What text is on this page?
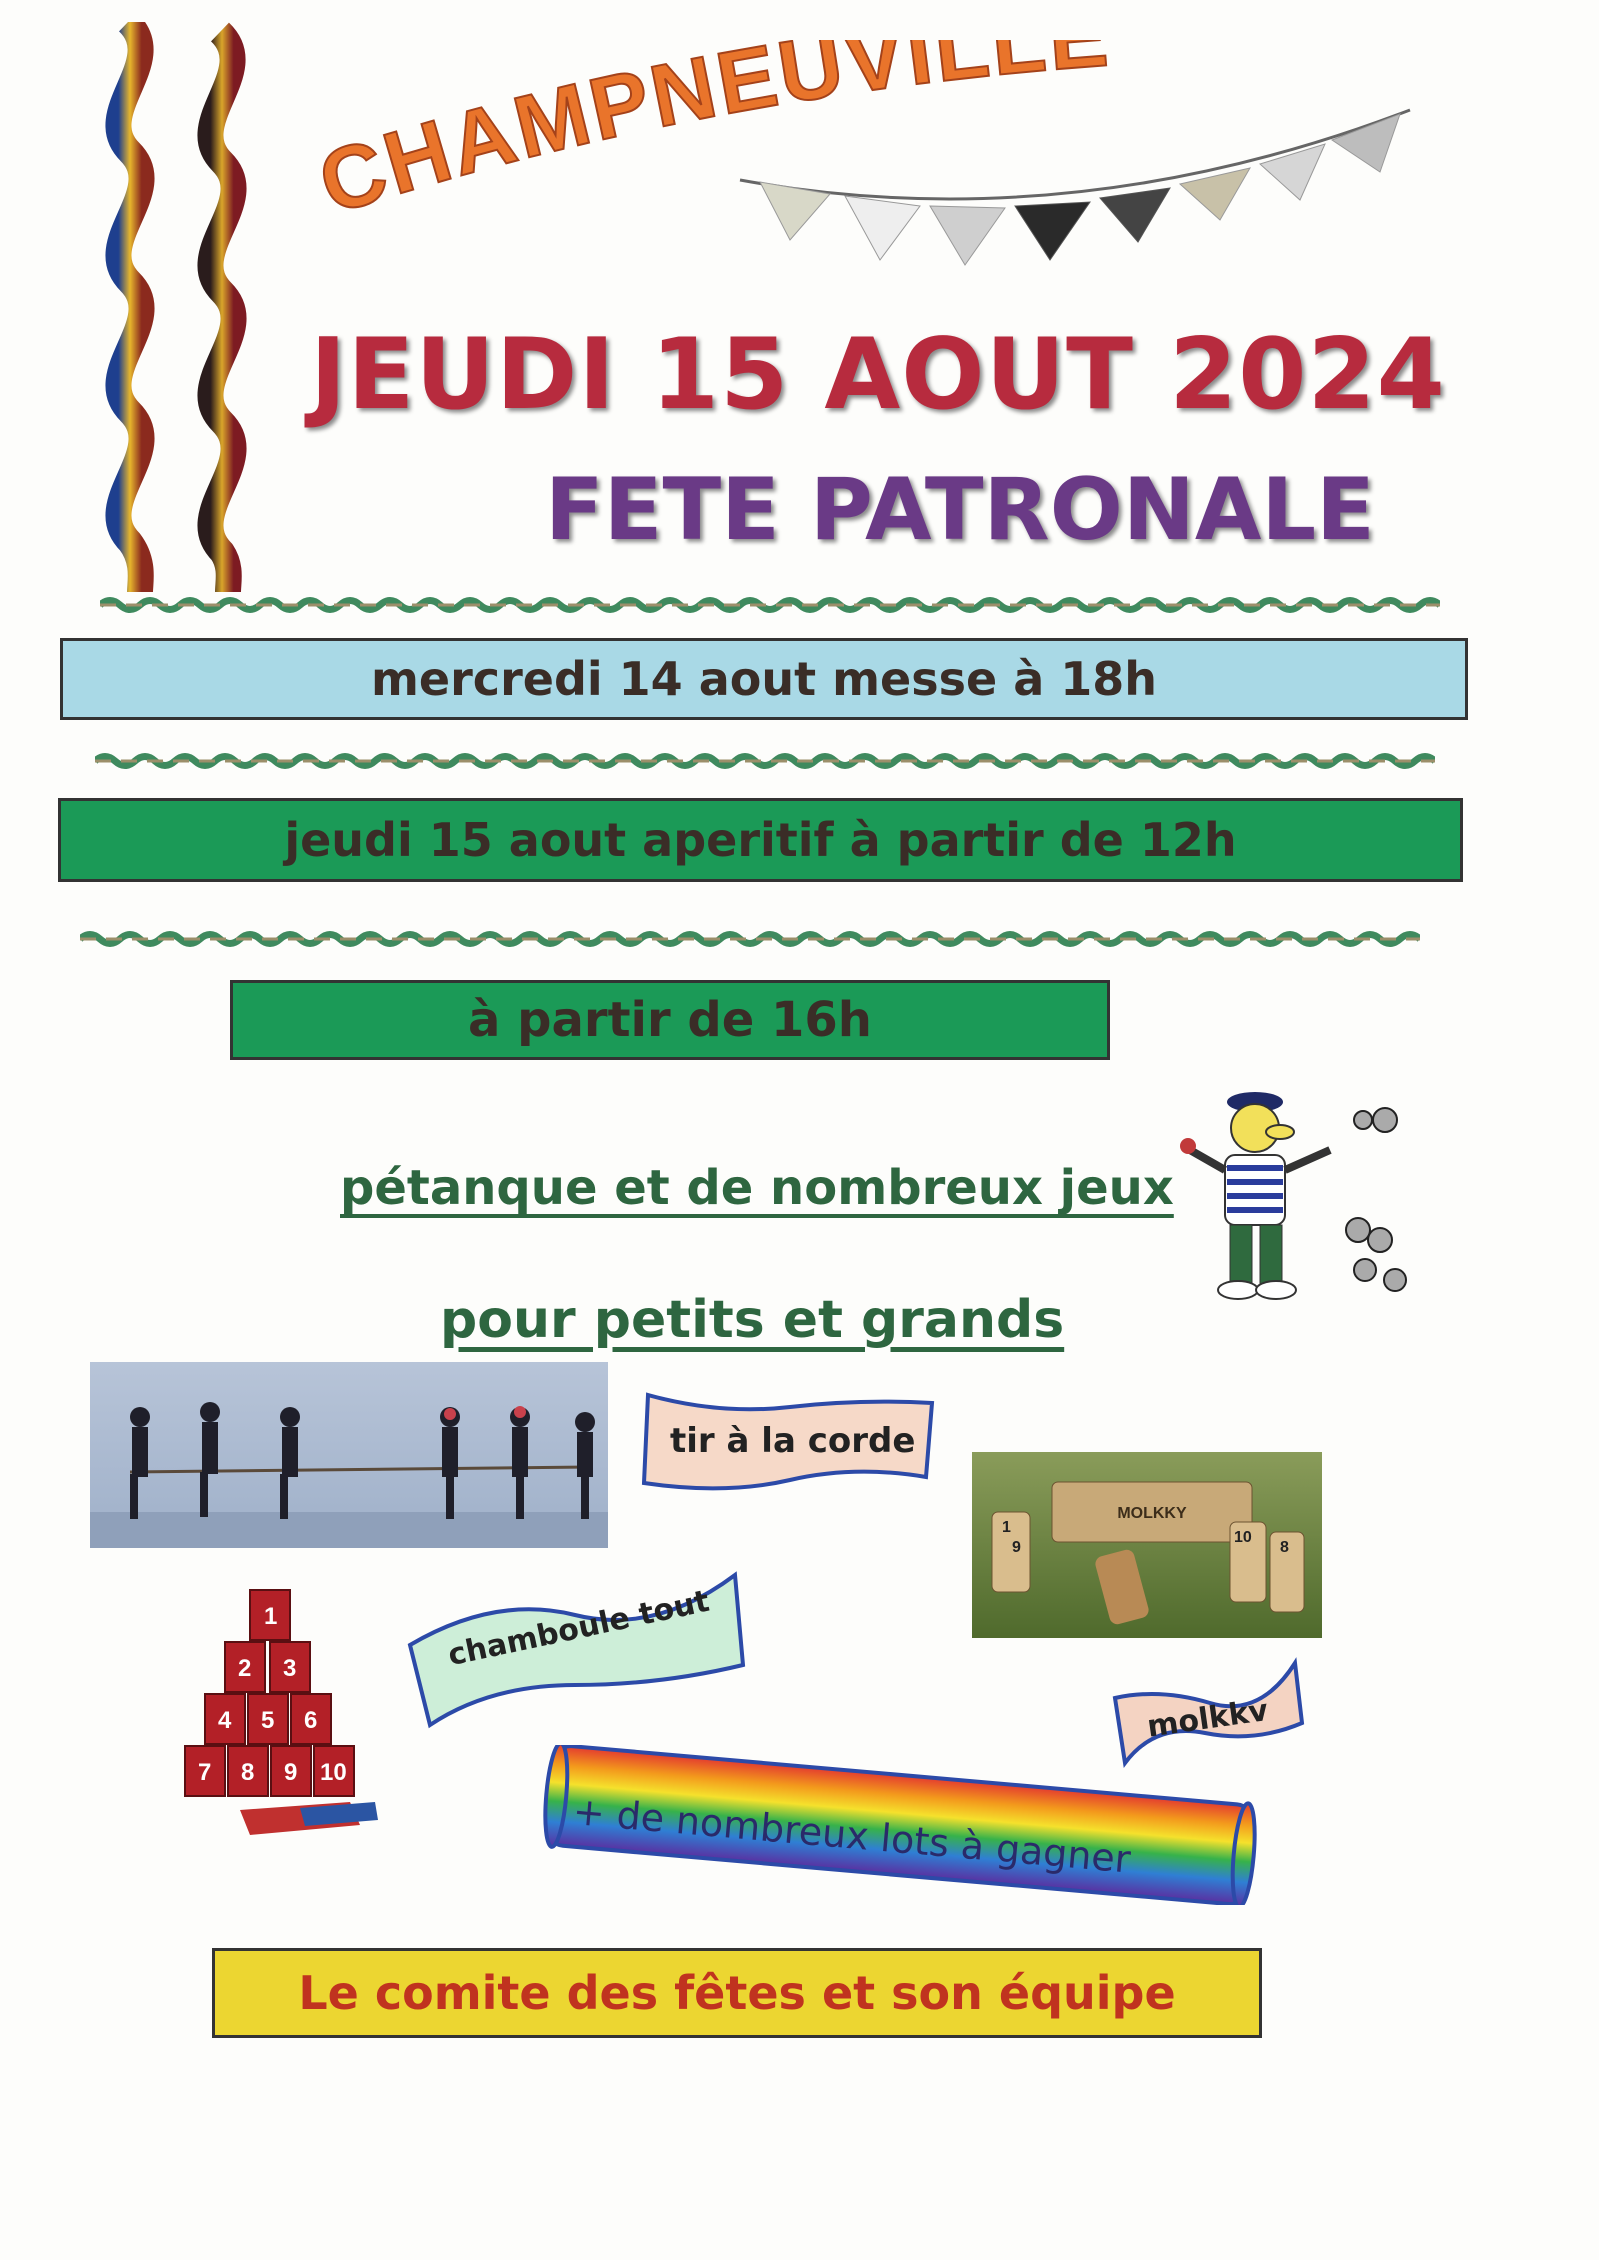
HAMPNEUVILL
JEUDI 15 AOUT 2024
FETE PATRONALE
mercredi 14 aout messe à 18h
jeudi 15 aout aperitif à partir de 12h
à partir de 16h
pétanque et de nombreux jeux
pour petits et grands
tir à la corde
MOLKKY
1
9
10
8
1
2 3
4 5 6
7 8 9 10
chamboule tout
molkkv
+ de nombreux lots à gagner
Le comite des fêtes et son équipe
